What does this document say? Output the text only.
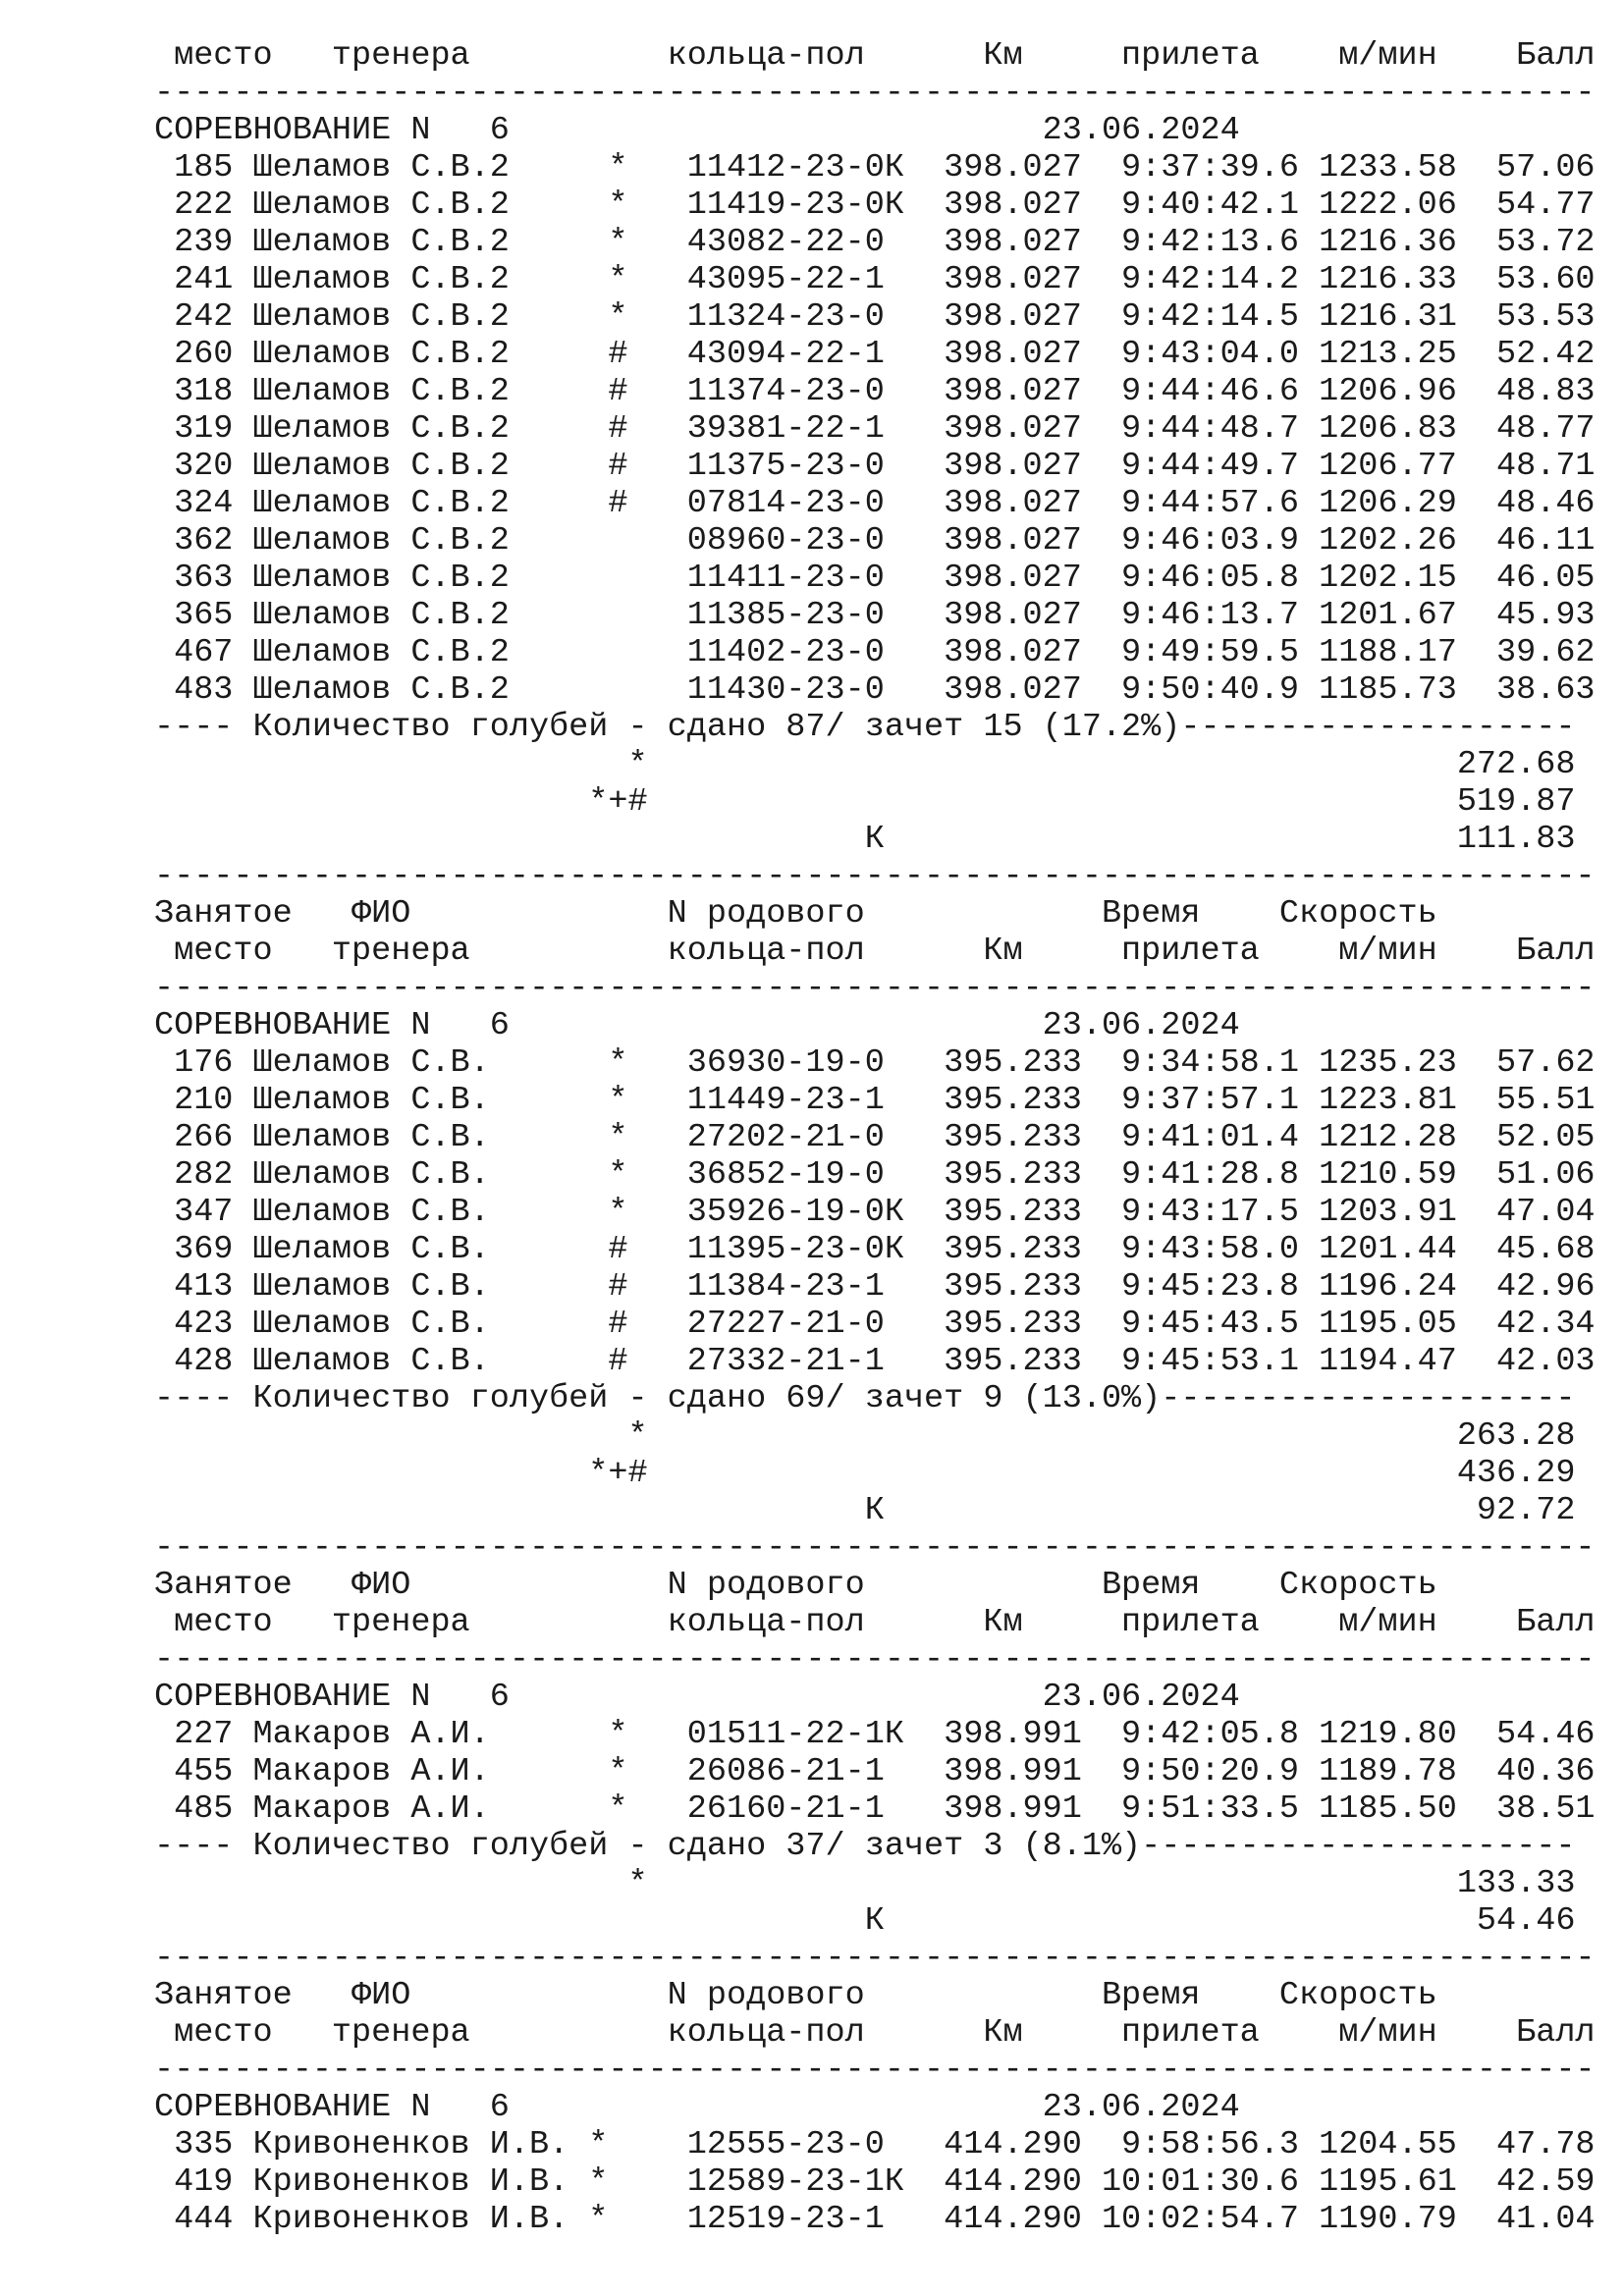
место   тренера          кольца-пол      Км     прилета    м/мин    Балл
-------------------------------------------------------------------------
СОРЕВНОВАНИЕ N   6                           23.06.2024
185 Шеламов С.В.2     *   11412-23-0К  398.027  9:37:39.6 1233.58  57.06
222 Шеламов С.В.2     *   11419-23-0К  398.027  9:40:42.1 1222.06  54.77
239 Шеламов С.В.2     *   43082-22-0   398.027  9:42:13.6 1216.36  53.72
241 Шеламов С.В.2     *   43095-22-1   398.027  9:42:14.2 1216.33  53.60
242 Шеламов С.В.2     *   11324-23-0   398.027  9:42:14.5 1216.31  53.53
260 Шеламов С.В.2     #   43094-22-1   398.027  9:43:04.0 1213.25  52.42
318 Шеламов С.В.2     #   11374-23-0   398.027  9:44:46.6 1206.96  48.83
319 Шеламов С.В.2     #   39381-22-1   398.027  9:44:48.7 1206.83  48.77
320 Шеламов С.В.2     #   11375-23-0   398.027  9:44:49.7 1206.77  48.71
324 Шеламов С.В.2     #   07814-23-0   398.027  9:44:57.6 1206.29  48.46
362 Шеламов С.В.2         08960-23-0   398.027  9:46:03.9 1202.26  46.11
363 Шеламов С.В.2         11411-23-0   398.027  9:46:05.8 1202.15  46.05
365 Шеламов С.В.2         11385-23-0   398.027  9:46:13.7 1201.67  45.93
467 Шеламов С.В.2         11402-23-0   398.027  9:49:59.5 1188.17  39.62
483 Шеламов С.В.2         11430-23-0   398.027  9:50:40.9 1185.73  38.63
---- Количество голубей - сдано 87/ зачет 15 (17.2%)--------------------
*                                         272.68
*+#                                         519.87
К                             111.83
-------------------------------------------------------------------------
Занятое   ФИО             N родового            Время    Скорость
место   тренера          кольца-пол      Км     прилета    м/мин    Балл
-------------------------------------------------------------------------
СОРЕВНОВАНИЕ N   6                           23.06.2024
176 Шеламов С.В.      *   36930-19-0   395.233  9:34:58.1 1235.23  57.62
210 Шеламов С.В.      *   11449-23-1   395.233  9:37:57.1 1223.81  55.51
266 Шеламов С.В.      *   27202-21-0   395.233  9:41:01.4 1212.28  52.05
282 Шеламов С.В.      *   36852-19-0   395.233  9:41:28.8 1210.59  51.06
347 Шеламов С.В.      *   35926-19-0К  395.233  9:43:17.5 1203.91  47.04
369 Шеламов С.В.      #   11395-23-0К  395.233  9:43:58.0 1201.44  45.68
413 Шеламов С.В.      #   11384-23-1   395.233  9:45:23.8 1196.24  42.96
423 Шеламов С.В.      #   27227-21-0   395.233  9:45:43.5 1195.05  42.34
428 Шеламов С.В.      #   27332-21-1   395.233  9:45:53.1 1194.47  42.03
---- Количество голубей - сдано 69/ зачет 9 (13.0%)---------------------
*                                         263.28
*+#                                         436.29
К                              92.72
-------------------------------------------------------------------------
Занятое   ФИО             N родового            Время    Скорость
место   тренера          кольца-пол      Км     прилета    м/мин    Балл
-------------------------------------------------------------------------
СОРЕВНОВАНИЕ N   6                           23.06.2024
227 Макаров А.И.      *   01511-22-1К  398.991  9:42:05.8 1219.80  54.46
455 Макаров А.И.      *   26086-21-1   398.991  9:50:20.9 1189.78  40.36
485 Макаров А.И.      *   26160-21-1   398.991  9:51:33.5 1185.50  38.51
---- Количество голубей - сдано 37/ зачет 3 (8.1%)----------------------
*                                         133.33
К                              54.46
-------------------------------------------------------------------------
Занятое   ФИО             N родового            Время    Скорость
место   тренера          кольца-пол      Км     прилета    м/мин    Балл
-------------------------------------------------------------------------
СОРЕВНОВАНИЕ N   6                           23.06.2024
335 Кривоненков И.В. *    12555-23-0   414.290  9:58:56.3 1204.55  47.78
419 Кривоненков И.В. *    12589-23-1К  414.290 10:01:30.6 1195.61  42.59
444 Кривоненков И.В. *    12519-23-1   414.290 10:02:54.7 1190.79  41.04
